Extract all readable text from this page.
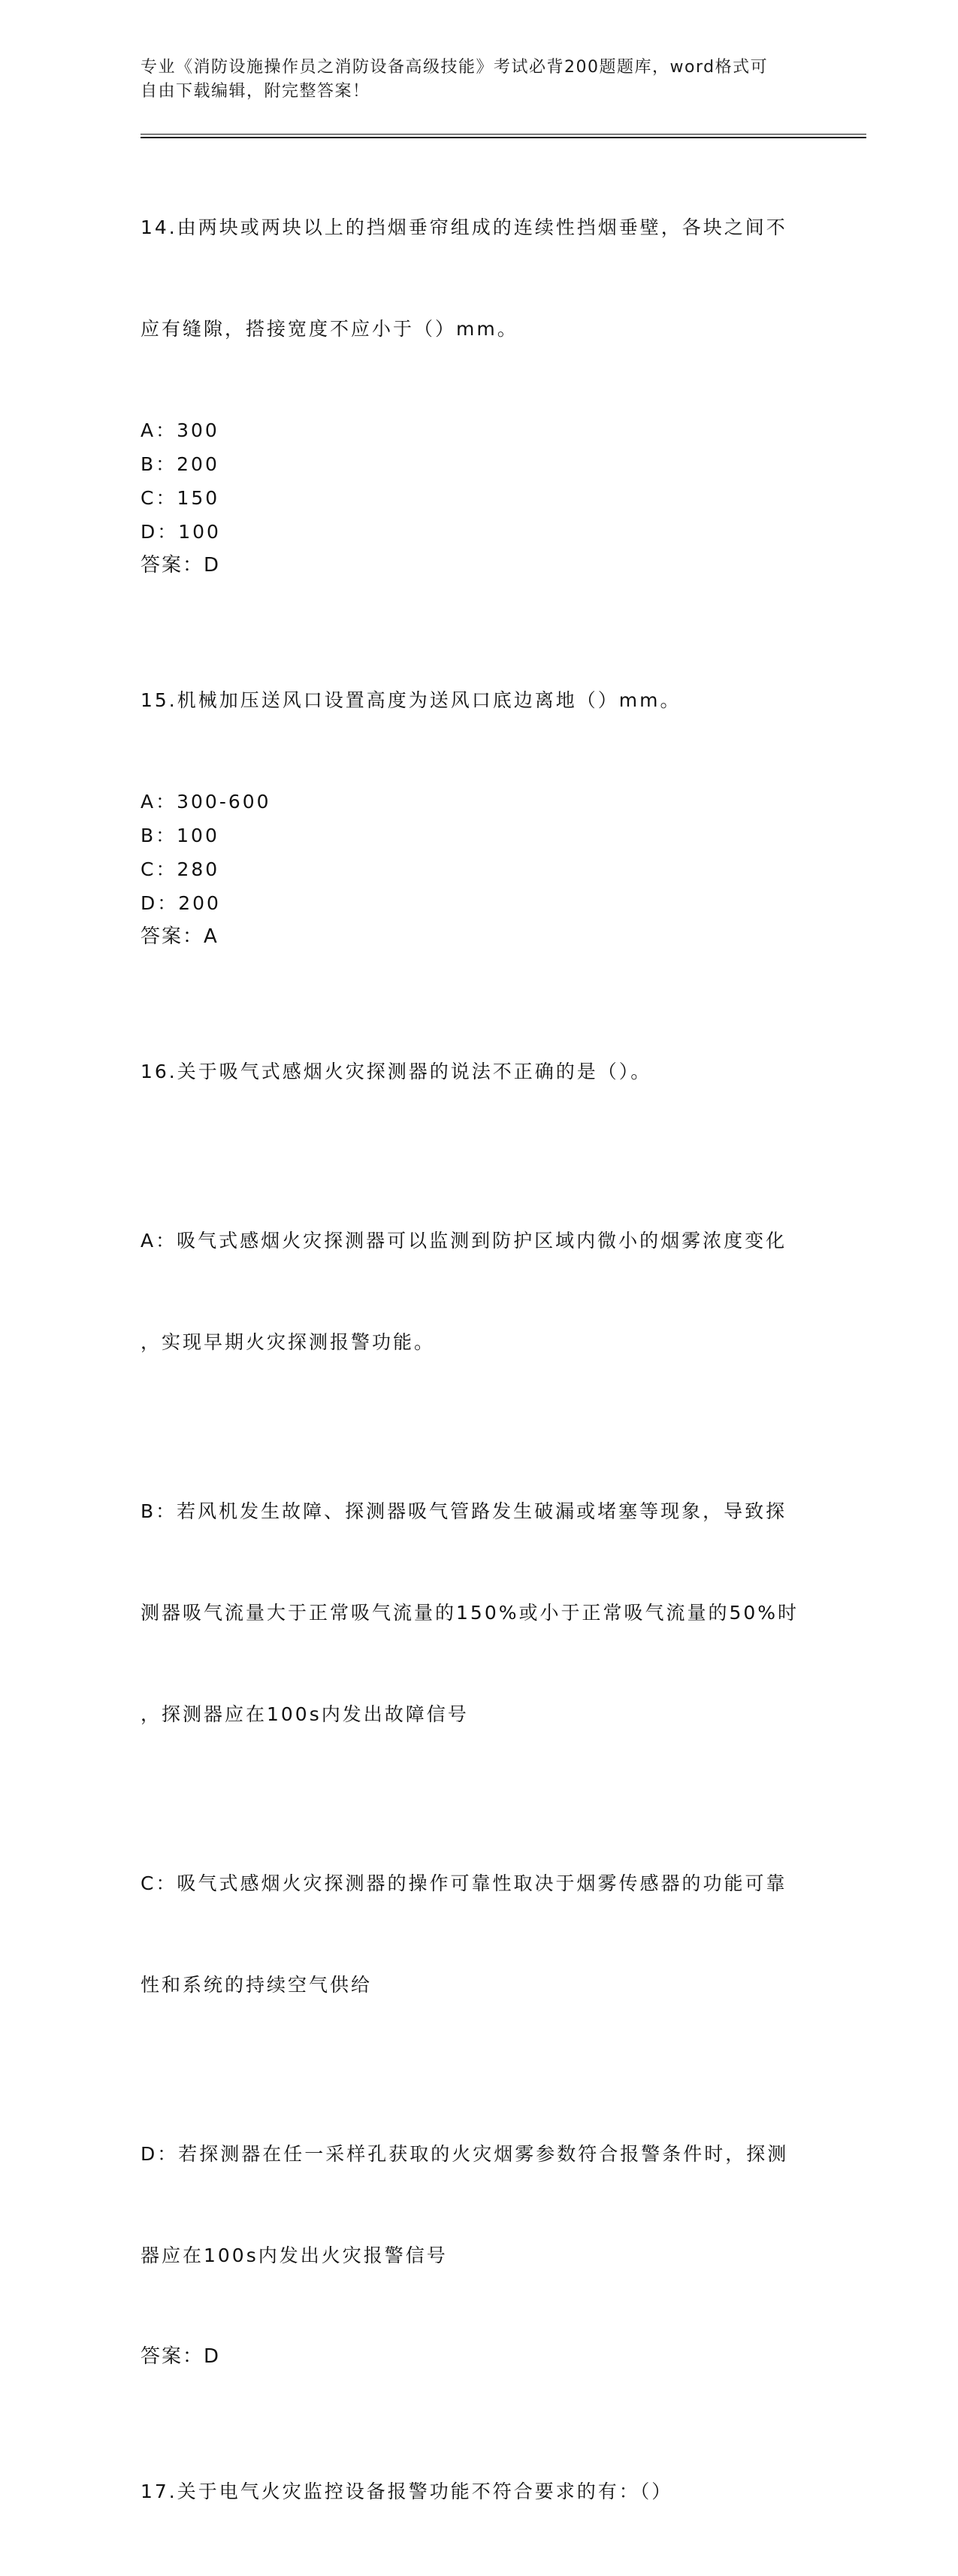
专业《消防设施操作员之消防设备高级技能》考试必背200题题库，word格式可
自由下载编辑，附完整答案！

14.由两块或两块以上的挡烟垂帘组成的连续性挡烟垂壁，各块之间不

应有缝隙，搭接宽度不应小于（）mm。

A：300
B：200
C：150
D：100
答案：D

15.机械加压送风口设置高度为送风口底边离地（）mm。

A：300-600
B：100
C：280
D：200
答案：A

16.关于吸气式感烟火灾探测器的说法不正确的是（）。

A：吸气式感烟火灾探测器可以监测到防护区域内微小的烟雾浓度变化

，实现早期火灾探测报警功能。

B：若风机发生故障、探测器吸气管路发生破漏或堵塞等现象，导致探

测器吸气流量大于正常吸气流量的150%或小于正常吸气流量的50%时

，探测器应在100s内发出故障信号

C：吸气式感烟火灾探测器的操作可靠性取决于烟雾传感器的功能可靠

性和系统的持续空气供给

D：若探测器在任一采样孔获取的火灾烟雾参数符合报警条件时，探测

器应在100s内发出火灾报警信号

答案：D

17.关于电气火灾监控设备报警功能不符合要求的有：（）
